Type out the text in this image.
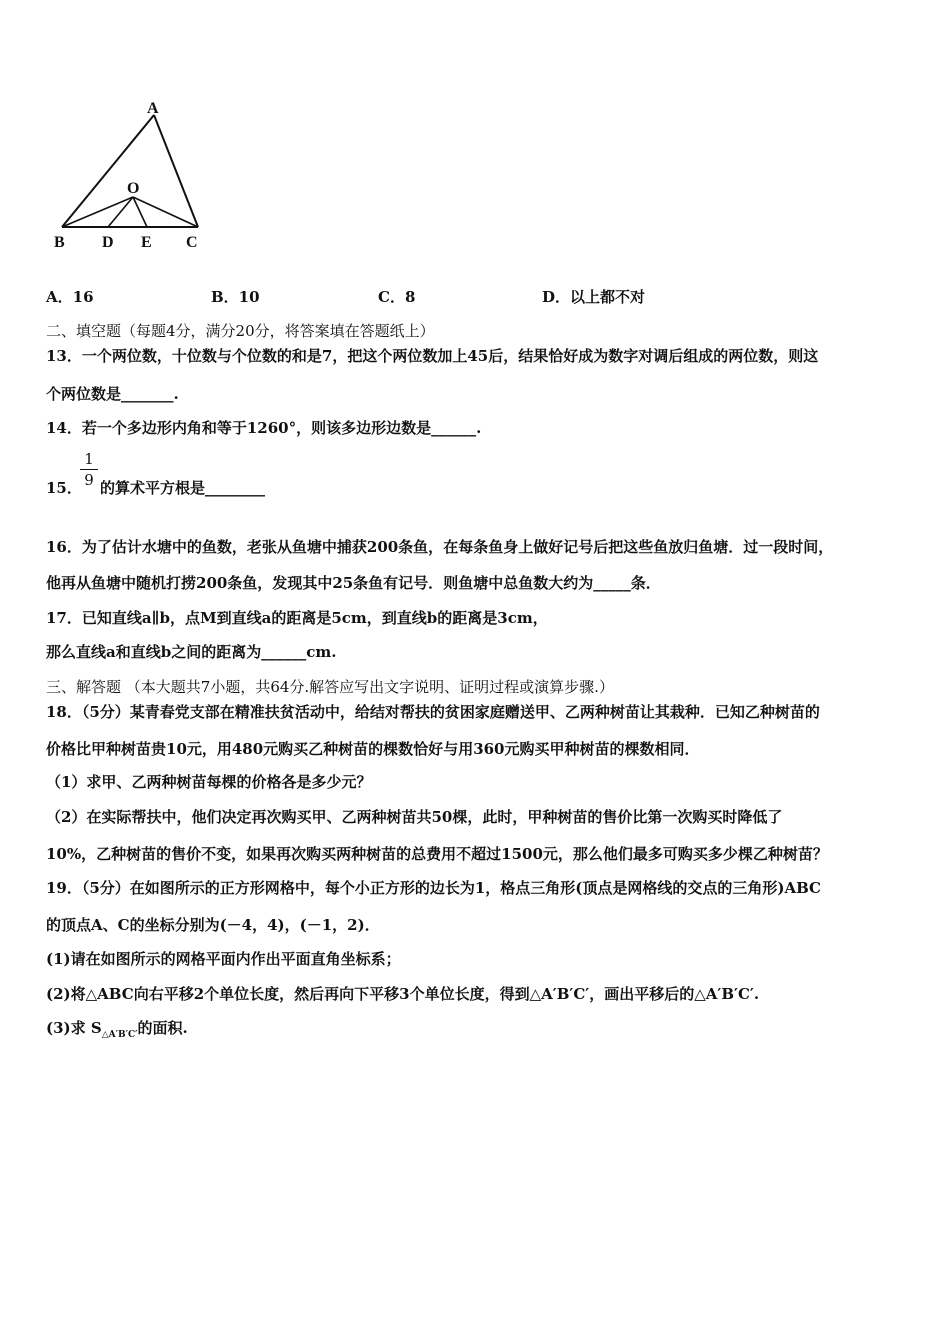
A
O
B D E C
A．16	B．10	C．8	D．以上都不对
二、填空题（每题4分，满分20分，将答案填在答题纸上）
13．一个两位数，十位数与个位数的和是7，把这个两位数加上45后，结果恰好成为数字对调后组成的两位数，则这
个两位数是_______.
14．若一个多边形内角和等于1260°，则该多边形边数是______.
15．
1
9 的算术平方根是________
16．为了估计水塘中的鱼数，老张从鱼塘中捕获200条鱼，在每条鱼身上做好记号后把这些鱼放归鱼塘．过一段时间，
他再从鱼塘中随机打捞200条鱼，发现其中25条鱼有记号．则鱼塘中总鱼数大约为_____条．
17．已知直线a∥b，点M到直线a的距离是5cm，到直线b的距离是3cm，
那么直线a和直线b之间的距离为______cm.
三、解答题 （本大题共7小题，共64分.解答应写出文字说明、证明过程或演算步骤.）
18．（5分）某青春党支部在精准扶贫活动中，给结对帮扶的贫困家庭赠送甲、乙两种树苗让其栽种．已知乙种树苗的
价格比甲种树苗贵10元，用480元购买乙种树苗的棵数恰好与用360元购买甲种树苗的棵数相同．
（1）求甲、乙两种树苗每棵的价格各是多少元？
（2）在实际帮扶中，他们决定再次购买甲、乙两种树苗共50棵，此时，甲种树苗的售价比第一次购买时降低了
10%，乙种树苗的售价不变，如果再次购买两种树苗的总费用不超过1500元，那么他们最多可购买多少棵乙种树苗？
19．（5分）在如图所示的正方形网格中，每个小正方形的边长为1，格点三角形(顶点是网格线的交点的三角形)ABC
的顶点A、C的坐标分别为(－4，4)，(－1，2)．
(1)请在如图所示的网格平面内作出平面直角坐标系；
(2)将△ABC向右平移2个单位长度，然后再向下平移3个单位长度，得到△A′B′C′，画出平移后的△A′B′C′.
(3)求 $S_{\triangle A'B'C'}$的面积.
